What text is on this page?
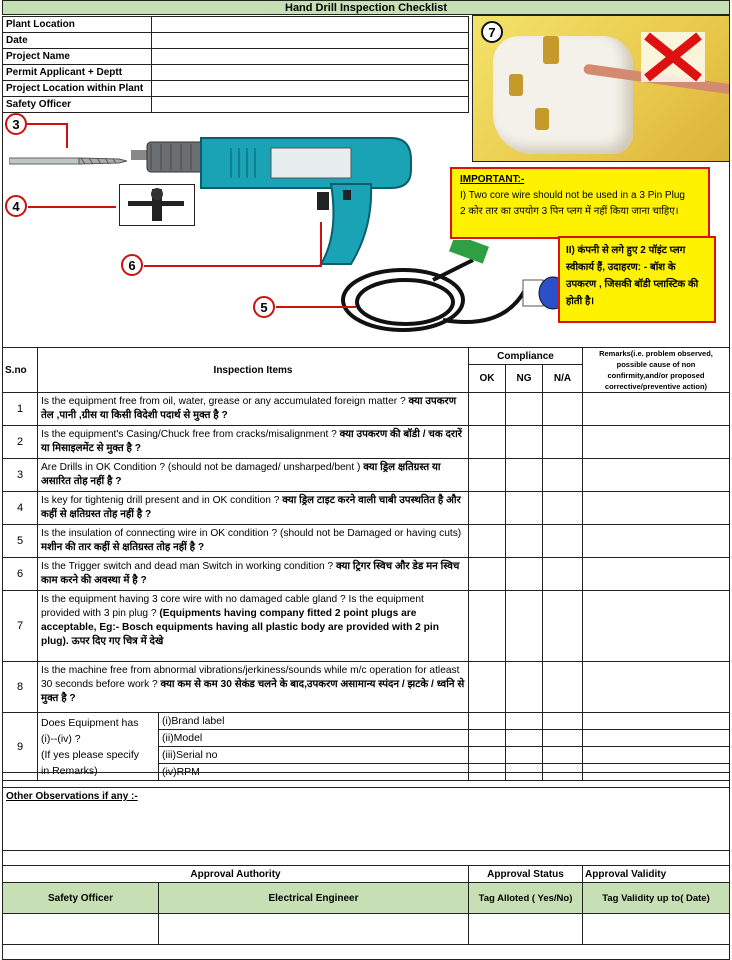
Hand Drill Inspection Checklist
Plant Location
Date
Project Name
Permit Applicant + Deptt
Project Location within Plant
Safety Officer
7
3
4
6
5
IMPORTANT:-
I) Two core wire should not be used in a 3 Pin Plug
2 कोर तार का उपयोग 3 पिन प्लग में नहीं किया जाना चाहिए।
II) कंपनी से लगे हुए 2 पॉइंट प्लग स्वीकार्य हैं, उदाहरण: - बॉश के उपकरण , जिसकी बॉडी प्लास्टिक की होती है।
S.no	Inspection Items
Compliance
OK NG N/A
Remarks(i.e. problem observed, possible cause of non confirmity,and/or proposed corrective/preventive action)
1
Is the equipment free from oil, water, grease or any accumulated foreign matter ? क्या उपकरण तेल ,पानी ,ग्रीस या किसी विदेशी पदार्थ से मुक्त है ?
2
Is the equipment's Casing/Chuck free from cracks/misalignment ? क्या उपकरण की बॉडी / चक दरारें या मिसाइलमेंट से मुक्त है ?
3
Are Drills in OK Condition ? (should not be damaged/ unsharped/bent ) क्या ड्रिल क्षतिग्रस्त या असारित तोह नहीं है ?
4
Is key for tightenig drill present and in OK condition ? क्या ड्रिल टाइट करने वाली चाबी उपस्थतित है और कहीं से क्षतिग्रस्त तोह नहीं है ?
5
Is the insulation of connecting wire in OK condition ? (should not be Damaged or having cuts) मशीन की तार कहीं से क्षतिग्रस्त तोह नहीं है ?
6
Is the Trigger switch and dead man Switch in working condition ? क्या ट्रिगर स्विच और डेड मन स्विच काम करने की अवस्था में है ?
7
Is the equipment having 3 core wire with no damaged cable gland ? Is the equipment provided with 3 pin plug ? (Equipments having company fitted 2 point plugs are acceptable, Eg:- Bosch equipments having all plastic body are provided with 2 pin plug). ऊपर दिए गए चित्र में देखे
8
Is the machine free from abnormal vibrations/jerkiness/sounds while m/c operation for atleast 30 seconds before work ? क्या कम से कम 30 सेकंड चलने के बाद,उपकरण असामान्य स्पंदन / झटके / ध्वनि से मुक्त है ?
9
Does Equipment has
(i)--(iv) ?
(If yes please specify
in Remarks)
(i)Brand label
(ii)Model
(iii)Serial no
(iv)RPM
Other Observations if any :-
Approval Authority	Approval Status Approval Validity
Safety Officer	Electrical Engineer	Tag Alloted ( Yes/No)	Tag Validity up to( Date)
